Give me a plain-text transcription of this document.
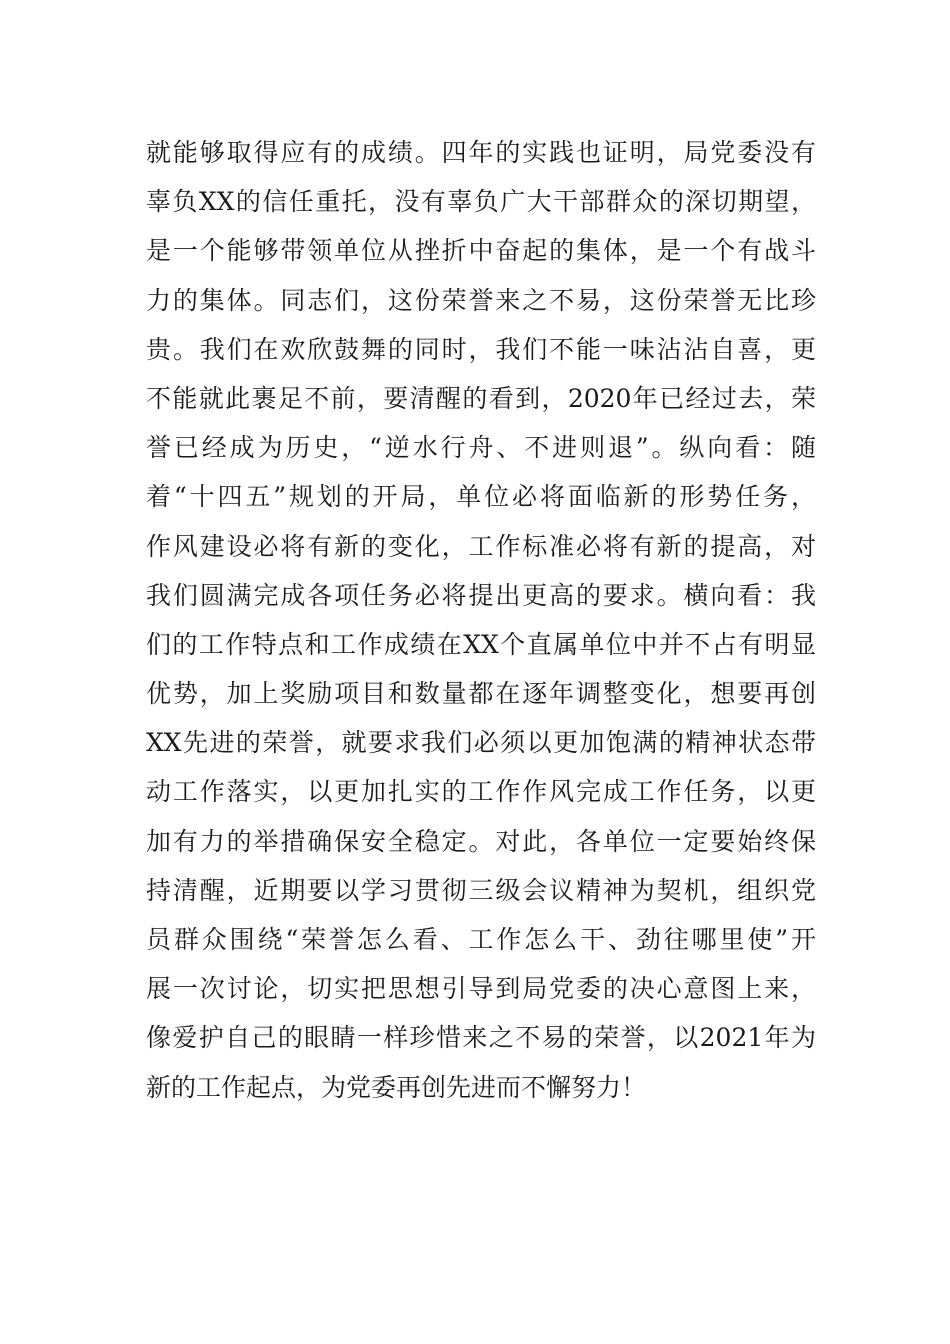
就能够取得应有的成绩。四年的实践也证明，局党委没有
辜负XX的信任重托，没有辜负广大干部群众的深切期望，
是一个能够带领单位从挫折中奋起的集体，是一个有战斗
力的集体。同志们，这份荣誉来之不易，这份荣誉无比珍
贵。我们在欢欣鼓舞的同时，我们不能一味沾沾自喜，更
不能就此裹足不前，要清醒的看到，2020年已经过去，荣
誉已经成为历史，“逆水行舟、不进则退”。纵向看：随
着“十四五”规划的开局，单位必将面临新的形势任务，
作风建设必将有新的变化，工作标准必将有新的提高，对
我们圆满完成各项任务必将提出更高的要求。横向看：我
们的工作特点和工作成绩在XX个直属单位中并不占有明显
优势，加上奖励项目和数量都在逐年调整变化，想要再创
XX先进的荣誉，就要求我们必须以更加饱满的精神状态带
动工作落实，以更加扎实的工作作风完成工作任务，以更
加有力的举措确保安全稳定。对此，各单位一定要始终保
持清醒，近期要以学习贯彻三级会议精神为契机，组织党
员群众围绕“荣誉怎么看、工作怎么干、劲往哪里使”开
展一次讨论，切实把思想引导到局党委的决心意图上来，
像爱护自己的眼睛一样珍惜来之不易的荣誉，以2021年为
新的工作起点，为党委再创先进而不懈努力！
